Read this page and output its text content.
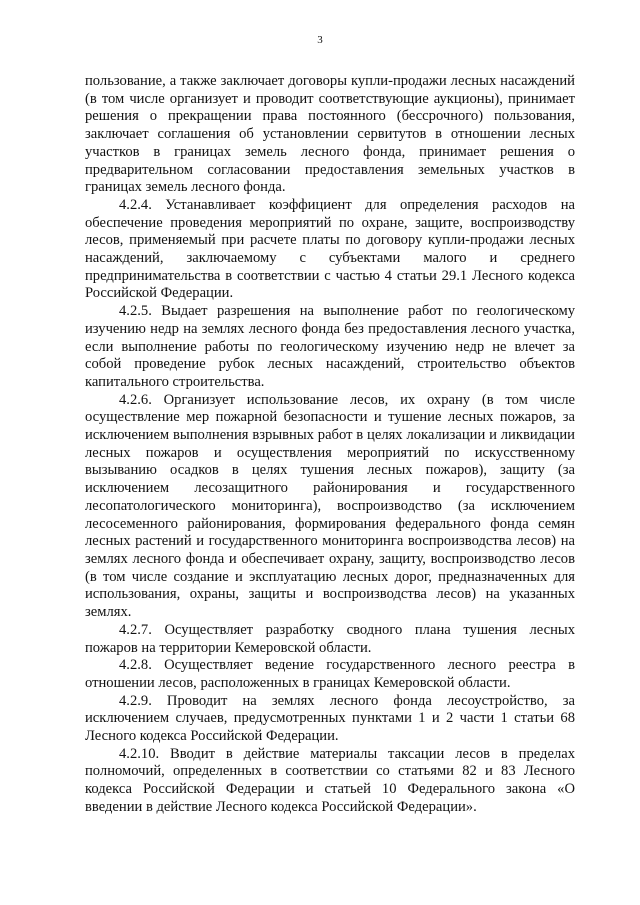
3

пользование, а также заключает договоры купли-продажи лесных насаждений (в том числе организует и проводит соответствующие аукционы), принимает решения о прекращении права постоянного (бессрочного) пользования, заключает соглашения об установлении сервитутов в отношении лесных участков в границах земель лесного фонда, принимает решения о предварительном согласовании предоставления земельных участков в границах земель лесного фонда.

4.2.4. Устанавливает коэффициент для определения расходов на обеспечение проведения мероприятий по охране, защите, воспроизводству лесов, применяемый при расчете платы по договору купли-продажи лесных насаждений, заключаемому с субъектами малого и среднего предпринимательства в соответствии с частью 4 статьи 29.1 Лесного кодекса Российской Федерации.

4.2.5. Выдает разрешения на выполнение работ по геологическому изучению недр на землях лесного фонда без предоставления лесного участка, если выполнение работы по геологическому изучению недр не влечет за собой проведение рубок лесных насаждений, строительство объектов капитального строительства.

4.2.6. Организует использование лесов, их охрану (в том числе осуществление мер пожарной безопасности и тушение лесных пожаров, за исключением выполнения взрывных работ в целях локализации и ликвидации лесных пожаров и осуществления мероприятий по искусственному вызыванию осадков в целях тушения лесных пожаров), защиту (за исключением лесозащитного районирования и государственного лесопатологического мониторинга), воспроизводство (за исключением лесосеменного районирования, формирования федерального фонда семян лесных растений и государственного мониторинга воспроизводства лесов) на землях лесного фонда и обеспечивает охрану, защиту, воспроизводство лесов (в том числе создание и эксплуатацию лесных дорог, предназначенных для использования, охраны, защиты и воспроизводства лесов) на указанных землях.

4.2.7. Осуществляет разработку сводного плана тушения лесных пожаров на территории Кемеровской области.

4.2.8. Осуществляет ведение государственного лесного реестра в отношении лесов, расположенных в границах Кемеровской области.

4.2.9. Проводит на землях лесного фонда лесоустройство, за исключением случаев, предусмотренных пунктами 1 и 2 части 1 статьи 68 Лесного кодекса Российской Федерации.

4.2.10. Вводит в действие материалы таксации лесов в пределах полномочий, определенных в соответствии со статьями 82 и 83 Лесного кодекса Российской Федерации и статьей 10 Федерального закона «О введении в действие Лесного кодекса Российской Федерации».
